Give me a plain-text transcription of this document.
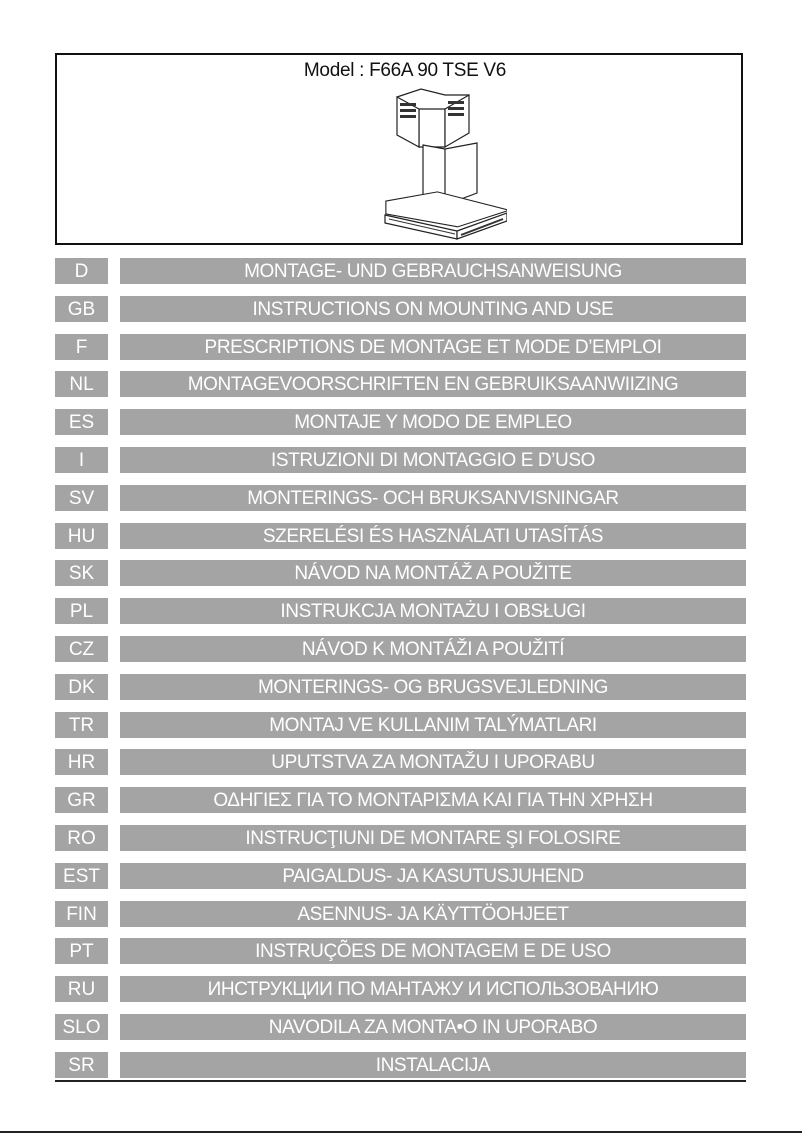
Model : F66A 90 TSE V6
D	MONTAGE- UND GEBRAUCHSANWEISUNG
GB	INSTRUCTIONS ON MOUNTING AND USE
F	PRESCRIPTIONS DE MONTAGE ET MODE D’EMPLOI
NL	MONTAGEVOORSCHRIFTEN EN GEBRUIKSAANWIIZING
ES	MONTAJE Y MODO DE EMPLEO
I	ISTRUZIONI DI MONTAGGIO E D’USO
SV	MONTERINGS- OCH BRUKSANVISNINGAR
HU	SZERELÉSI ÉS HASZNÁLATI UTASÍTÁS
SK	NÁVOD NA MONTÁŽ A POUŽITE
PL	INSTRUKCJA MONTAŻU I OBSŁUGI
CZ	NÁVOD K MONTÁŽI A POUŽITÍ
DK	MONTERINGS- OG BRUGSVEJLEDNING
TR	MONTAJ VE KULLANIM TALÝMATLARI
HR	UPUTSTVA ZA MONTAŽU I UPORABU
GR	ΟΔΗΓΙΕΣ ΓΙΑ ΤΟ ΜΟΝΤΑΡΙΣΜΑ ΚΑΙ ΓΙΑ ΤΗΝ ΧΡΗΣΗ
RO	INSTRUCŢIUNI DE MONTARE ŞI FOLOSIRE
EST	PAIGALDUS- JA KASUTUSJUHEND
FIN	ASENNUS- JA KÄYTTÖOHJEET
PT	INSTRUÇÕES DE MONTAGEM E DE USO
RU	ИНСТРУКЦИИ ПО МАНТАЖУ И ИСПОЛЬЗОВАНИЮ
SLO	NAVODILA ZA MONTA•O IN UPORABO
SR	INSTALACIJA
